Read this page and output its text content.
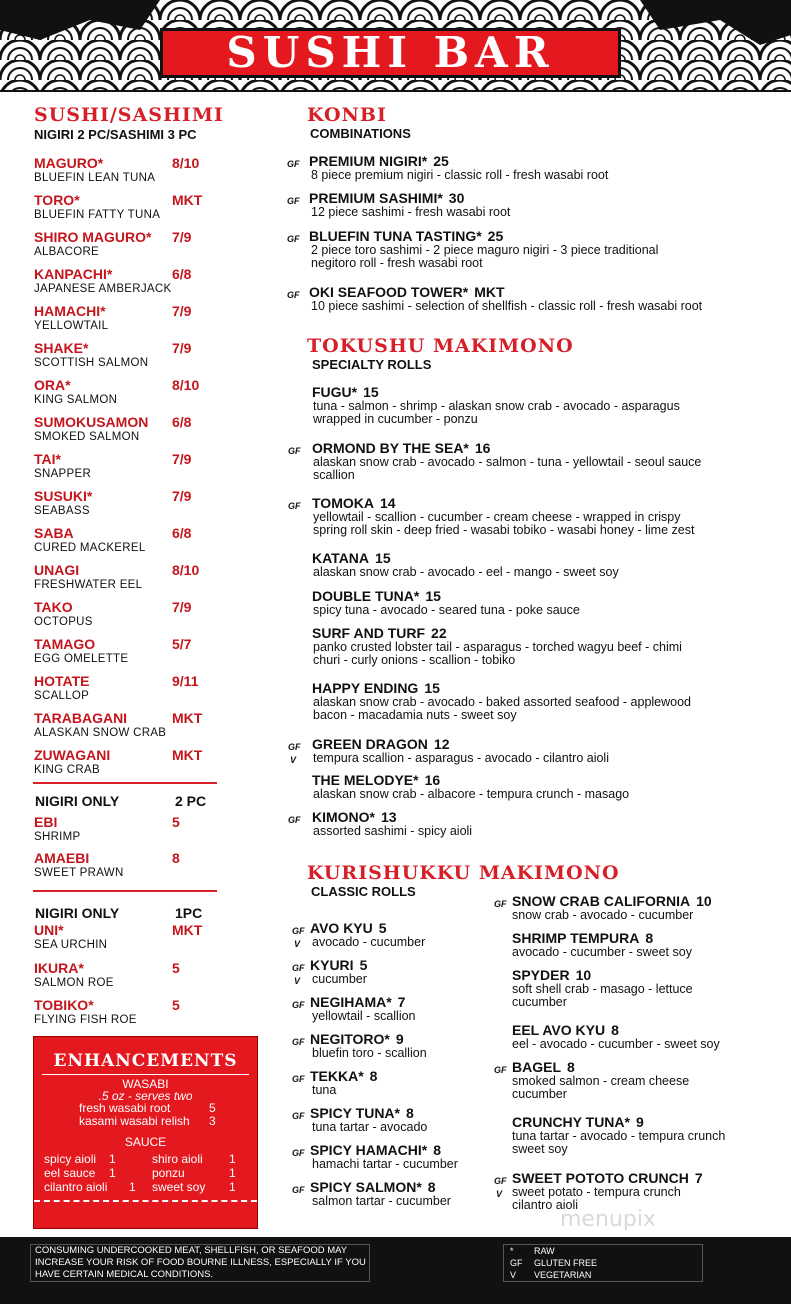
SUSHI BAR
SUSHI/SASHIMI
NIGIRI 2 PC/SASHIMI 3 PC
MAGURO*	8/10
BLUEFIN LEAN TUNA
TORO*	MKT
BLUEFIN FATTY TUNA
SHIRO MAGURO* 7/9
ALBACORE
KANPACHI*	6/8
JAPANESE AMBERJACK
HAMACHI*	7/9
YELLOWTAIL
SHAKE*	7/9
SCOTTISH SALMON
ORA*	8/10
KING SALMON
SUMOKUSAMON 6/8
SMOKED SALMON
TAI*	7/9
SNAPPER
SUSUKI*	7/9
SEABASS
SABA	6/8
CURED MACKEREL
UNAGI	8/10
FRESHWATER EEL
TAKO	7/9
OCTOPUS
TAMAGO	5/7
EGG OMELETTE
HOTATE	9/11
SCALLOP
TARABAGANI	MKT
ALASKAN SNOW CRAB
ZUWAGANI	MKT
KING CRAB
NIGIRI ONLY	2 PC
EBI	5
SHRIMP
AMAEBI	8
SWEET PRAWN
NIGIRI ONLY	1PC
UNI*	MKT
SEA URCHIN
IKURA*	5
SALMON ROE
TOBIKO*	5
FLYING FISH ROE
ENHANCEMENTS
WASABI
.5 oz - serves two
fresh wasabi root	5
kasami wasabi relish 3
SAUCE
spicy aioli 1	shiro aioli 1
eel sauce 1	ponzu	1
cilantro aioli 1 sweet soy 1
KONBI
COMBINATIONS
GF PREMIUM NIGIRI* 25
8 piece premium nigiri - classic roll - fresh wasabi root
GF PREMIUM SASHIMI* 30
12 piece sashimi - fresh wasabi root
GF BLUEFIN TUNA TASTING* 25
2 piece toro sashimi - 2 piece maguro nigiri - 3 piece traditional
negitoro roll - fresh wasabi root
GF OKI SEAFOOD TOWER* MKT
10 piece sashimi - selection of shellfish - classic roll - fresh wasabi root
TOKUSHU MAKIMONO
SPECIALTY ROLLS
FUGU* 15
tuna - salmon - shrimp - alaskan snow crab - avocado - asparagus
wrapped in cucumber - ponzu
GF ORMOND BY THE SEA* 16
alaskan snow crab - avocado - salmon - tuna - yellowtail - seoul sauce
scallion
GF TOMOKA 14
yellowtail - scallion - cucumber - cream cheese - wrapped in crispy
spring roll skin - deep fried - wasabi tobiko - wasabi honey - lime zest
KATANA 15
alaskan snow crab - avocado - eel - mango - sweet soy
DOUBLE TUNA* 15
spicy tuna - avocado - seared tuna - poke sauce
SURF AND TURF 22
panko crusted lobster tail - asparagus - torched wagyu beef - chimi
churi - curly onions - scallion - tobiko
HAPPY ENDING 15
alaskan snow crab - avocado - baked assorted seafood - applewood
bacon - macadamia nuts - sweet soy
GF
V
GREEN DRAGON 12
tempura scallion - asparagus - avocado - cilantro aioli
THE MELODYE* 16
alaskan snow crab - albacore - tempura crunch - masago
GF KIMONO* 13
assorted sashimi - spicy aioli
KURISHUKKU MAKIMONO
CLASSIC ROLLS
GF
V
AVO KYU 5
avocado - cucumber
GF
V
KYURI 5
cucumber
GF NEGIHAMA* 7
yellowtail - scallion
GF NEGITORO* 9
bluefin toro - scallion
GF TEKKA* 8
tuna
GF SPICY TUNA* 8
tuna tartar - avocado
GF SPICY HAMACHI* 8
hamachi tartar - cucumber
GF SPICY SALMON* 8
salmon tartar - cucumber
GF SNOW CRAB CALIFORNIA 10
snow crab - avocado - cucumber
SHRIMP TEMPURA 8
avocado - cucumber - sweet soy
SPYDER 10
soft shell crab - masago - lettuce
cucumber
EEL AVO KYU 8
eel - avocado - cucumber - sweet soy
GF BAGEL 8
smoked salmon - cream cheese
cucumber
CRUNCHY TUNA* 9
tuna tartar - avocado - tempura crunch
sweet soy
GF
V
SWEET POTOTO CRUNCH 7
sweet potato - tempura crunch
cilantro aioli
menupix
CONSUMING UNDERCOOKED MEAT, SHELLFISH, OR SEAFOOD MAY
INCREASE YOUR RISK OF FOOD BOURNE ILLNESS, ESPECIALLY IF YOU
HAVE CERTAIN MEDICAL CONDITIONS.
* RAW
GF GLUTEN FREE
V VEGETARIAN
